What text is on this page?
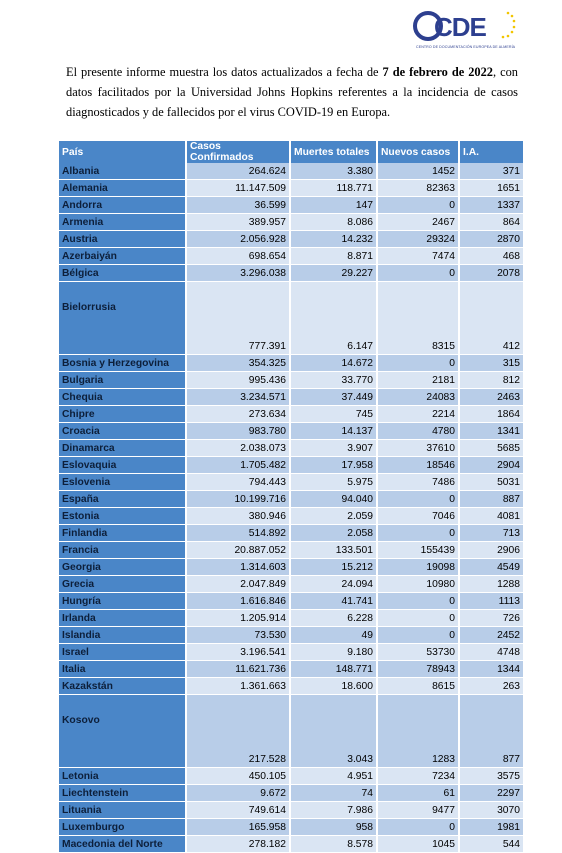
CDE
CENTRO DE DOCUMENTACIÓN EUROPEA DE ALMERÍA

El presente informe muestra los datos actualizados a fecha de 7 de febrero de 2022, con datos facilitados por la Universidad Johns Hopkins referentes a la incidencia de casos diagnosticados y de fallecidos por el virus COVID-19 en Europa.

País	Casos Confirmados	Muertes totales	Nuevos casos	I.A.
Albania	264.624	3.380	1452	371
Alemania	11.147.509	118.771	82363	1651
Andorra	36.599	147	0	1337
Armenia	389.957	8.086	2467	864
Austria	2.056.928	14.232	29324	2870
Azerbaiyán	698.654	8.871	7474	468
Bélgica	3.296.038	29.227	0	2078
Bielorrusia	777.391	6.147	8315	412
Bosnia y Herzegovina	354.325	14.672	0	315
Bulgaria	995.436	33.770	2181	812
Chequia	3.234.571	37.449	24083	2463
Chipre	273.634	745	2214	1864
Croacia	983.780	14.137	4780	1341
Dinamarca	2.038.073	3.907	37610	5685
Eslovaquia	1.705.482	17.958	18546	2904
Eslovenia	794.443	5.975	7486	5031
España	10.199.716	94.040	0	887
Estonia	380.946	2.059	7046	4081
Finlandia	514.892	2.058	0	713
Francia	20.887.052	133.501	155439	2906
Georgia	1.314.603	15.212	19098	4549
Grecia	2.047.849	24.094	10980	1288
Hungría	1.616.846	41.741	0	1113
Irlanda	1.205.914	6.228	0	726
Islandia	73.530	49	0	2452
Israel	3.196.541	9.180	53730	4748
Italia	11.621.736	148.771	78943	1344
Kazakstán	1.361.663	18.600	8615	263
Kosovo	217.528	3.043	1283	877
Letonia	450.105	4.951	7234	3575
Liechtenstein	9.672	74	61	2297
Lituania	749.614	7.986	9477	3070
Luxemburgo	165.958	958	0	1981
Macedonia del Norte	278.182	8.578	1045	544
